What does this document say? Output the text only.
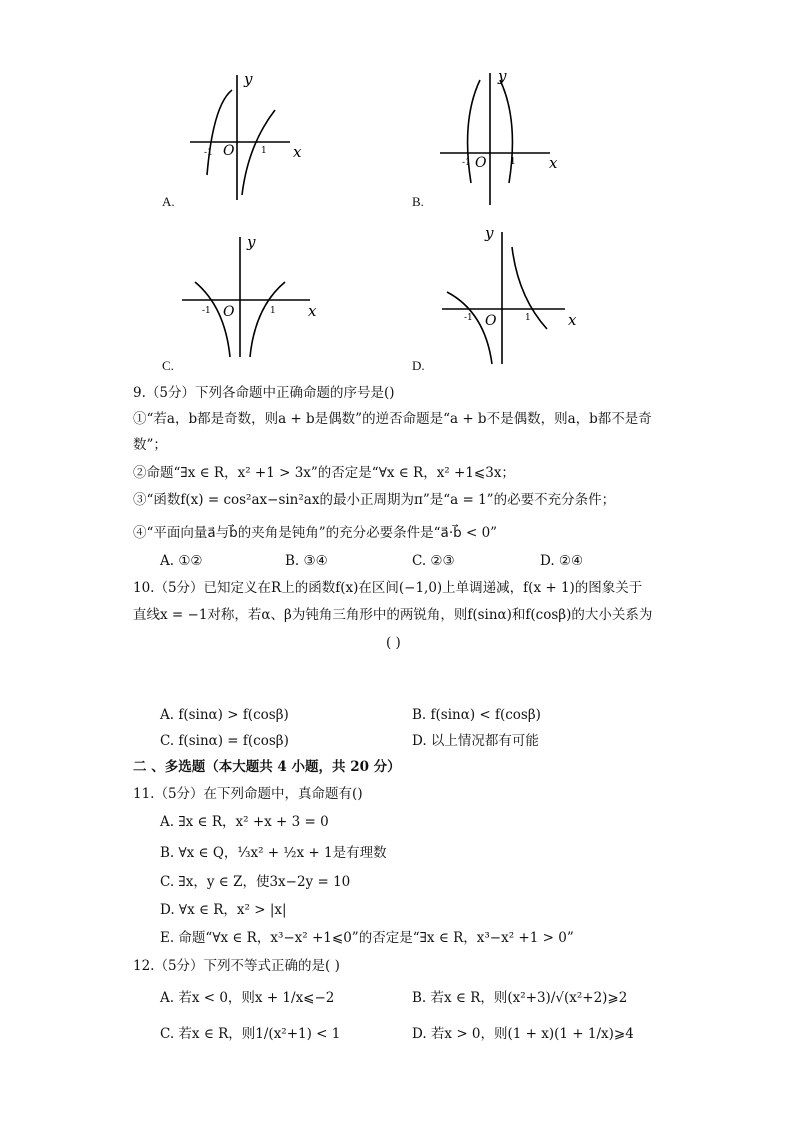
x
y
O
-1	1
A.
x
y
O
-1	1
B.
x
y
O
-1	1
C.
x
y
O
-1	1
D.
9.（5分）下列各命题中正确命题的序号是()
①“若a，b都是奇数，则a + b是偶数”的逆否命题是“a + b不是偶数，则a，b都不是奇
数”；
②命题“∃x ∈ R，x² +1 > 3x”的否定是“∀x ∈ R，x² +1⩽3x；
③“函数f(x) = cos²ax−sin²ax的最小正周期为π”是“a = 1”的必要不充分条件；
④“平面向量a⃗与b⃗的夹角是钝角”的充分必要条件是“a⃗·b⃗ < 0”
A. ①②	B. ③④	C. ②③	D. ②④
10.（5分）已知定义在R上的函数f(x)在区间(−1,0)上单调递减，f(x + 1)的图象关于
直线x = −1对称，若α、β为钝角三角形中的两锐角，则f(sinα)和f(cosβ)的大小关系为
( )
A. f(sinα) > f(cosβ)	B. f(sinα) < f(cosβ)
C. f(sinα) = f(cosβ)	D. 以上情况都有可能
二 、多选题（本大题共 4 小题，共 20 分）
11.（5分）在下列命题中，真命题有()
A. ∃x ∈ R，x² +x + 3 = 0
B. ∀x ∈ Q，⅓x² + ½x + 1是有理数
C. ∃x，y ∈ Z，使3x−2y = 10
D. ∀x ∈ R，x² > |x|
E. 命题“∀x ∈ R，x³−x² +1⩽0”的否定是“∃x ∈ R，x³−x² +1 > 0”
12.（5分）下列不等式正确的是( )
A. 若x < 0，则x + 1/x⩽−2	B. 若x ∈ R，则(x²+3)/√(x²+2)⩾2
C. 若x ∈ R，则1/(x²+1) < 1	D. 若x > 0，则(1 + x)(1 + 1/x)⩾4
